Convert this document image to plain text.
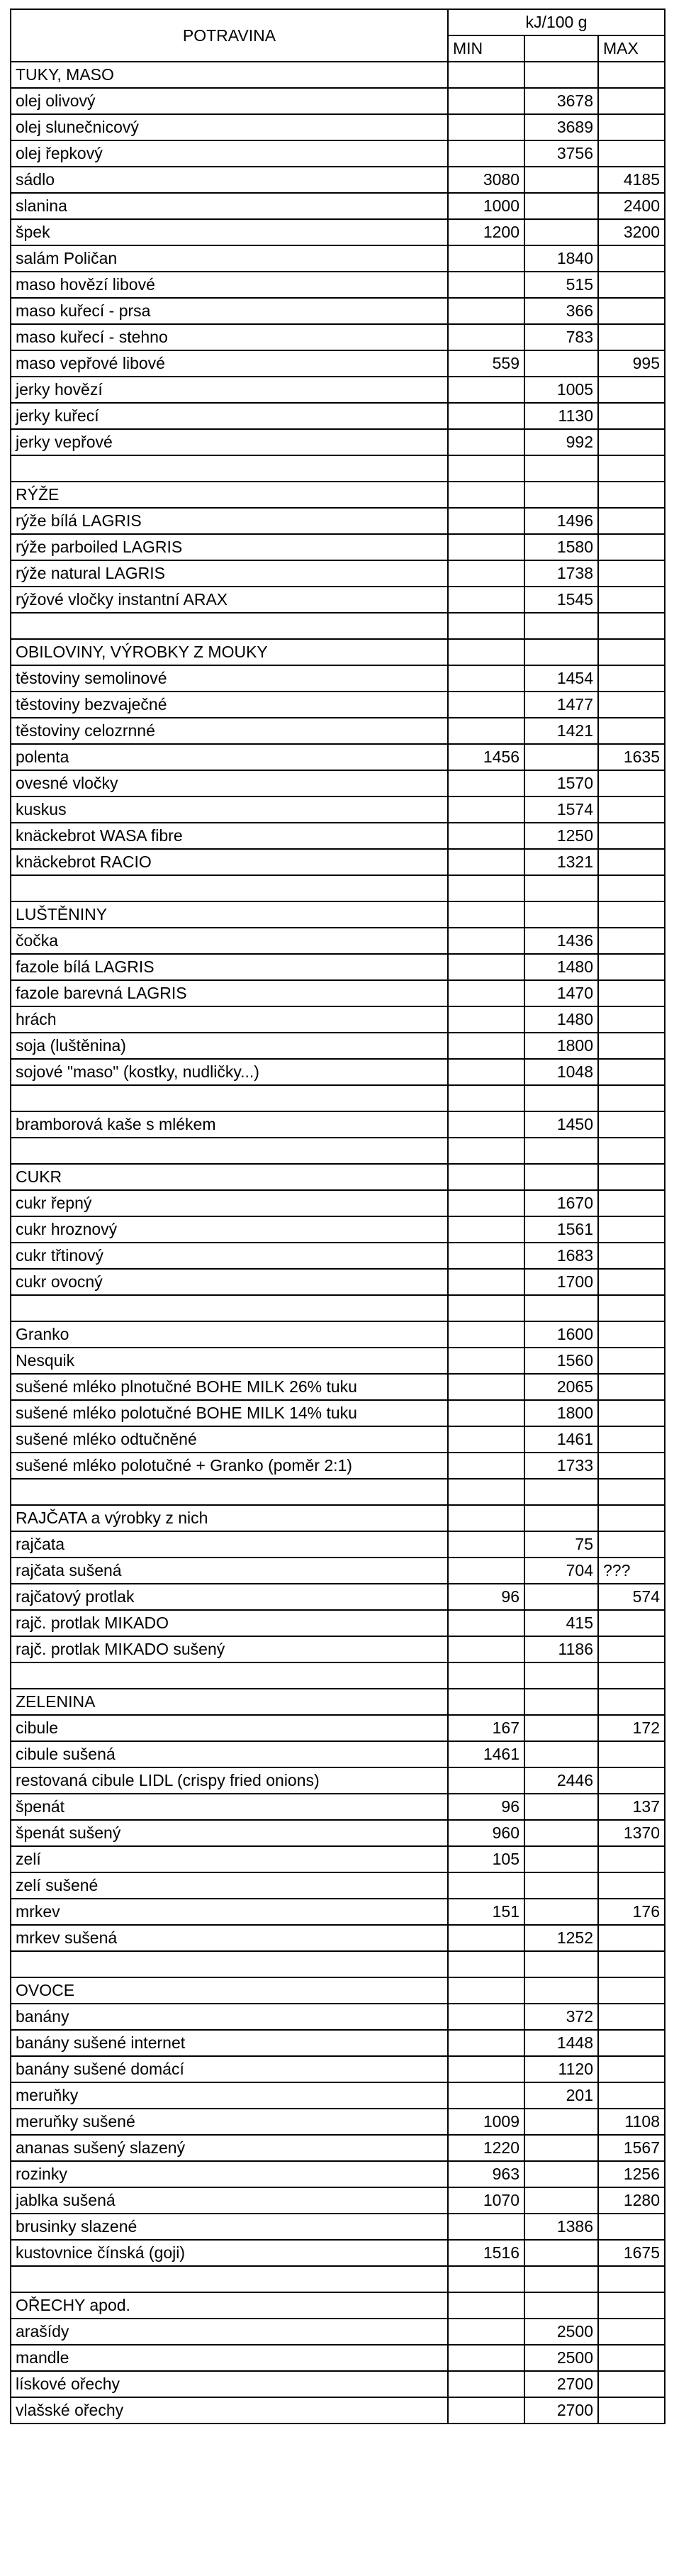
POTRAVINA	kJ/100 g		
	MIN		MAX
TUKY, MASO			
olej olivový		3678	
olej slunečnicový		3689	
olej řepkový		3756	
sádlo	3080		4185
slanina	1000		2400
špek	1200		3200
salám Poličan		1840	
maso hovězí libové		515	
maso kuřecí - prsa		366	
maso kuřecí - stehno		783	
maso vepřové libové	559		995
jerky hovězí		1005	
jerky kuřecí		1130	
jerky vepřové		992	

RÝŽE			
rýže bílá LAGRIS		1496	
rýže parboiled LAGRIS		1580	
rýže natural LAGRIS		1738	
rýžové vločky instantní ARAX		1545	

OBILOVINY, VÝROBKY Z MOUKY			
těstoviny semolinové		1454	
těstoviny bezvaječné		1477	
těstoviny celozrnné		1421	
polenta	1456		1635
ovesné vločky		1570	
kuskus		1574	
knäckebrot WASA fibre		1250	
knäckebrot RACIO		1321	

LUŠTĚNINY			
čočka		1436	
fazole bílá LAGRIS		1480	
fazole barevná LAGRIS		1470	
hrách		1480	
soja (luštěnina)		1800	
sojové "maso" (kostky, nudličky...)		1048	

bramborová kaše s mlékem		1450	

CUKR			
cukr řepný		1670	
cukr hroznový		1561	
cukr třtinový		1683	
cukr ovocný		1700	

Granko		1600	
Nesquik		1560	
sušené mléko plnotučné BOHE MILK 26% tuku		2065	
sušené mléko polotučné BOHE MILK 14% tuku		1800	
sušené mléko odtučněné		1461	
sušené mléko polotučné + Granko (poměr 2:1)		1733	

RAJČATA a výrobky z nich			
rajčata		75	
rajčata sušená		704	???
rajčatový protlak	96		574
rajč. protlak MIKADO		415	
rajč. protlak MIKADO sušený		1186	

ZELENINA			
cibule	167		172
cibule sušená	1461		
restovaná cibule LIDL (crispy fried onions)		2446	
špenát	96		137
špenát sušený	960		1370
zelí	105		
zelí sušené			
mrkev	151		176
mrkev sušená		1252	

OVOCE			
banány		372	
banány sušené internet		1448	
banány sušené domácí		1120	
meruňky		201	
meruňky sušené	1009		1108
ananas sušený slazený	1220		1567
rozinky	963		1256
jablka sušená	1070		1280
brusinky slazené		1386	
kustovnice čínská (goji)	1516		1675

OŘECHY apod.			
arašídy		2500	
mandle		2500	
lískové ořechy		2700	
vlašské ořechy		2700	
